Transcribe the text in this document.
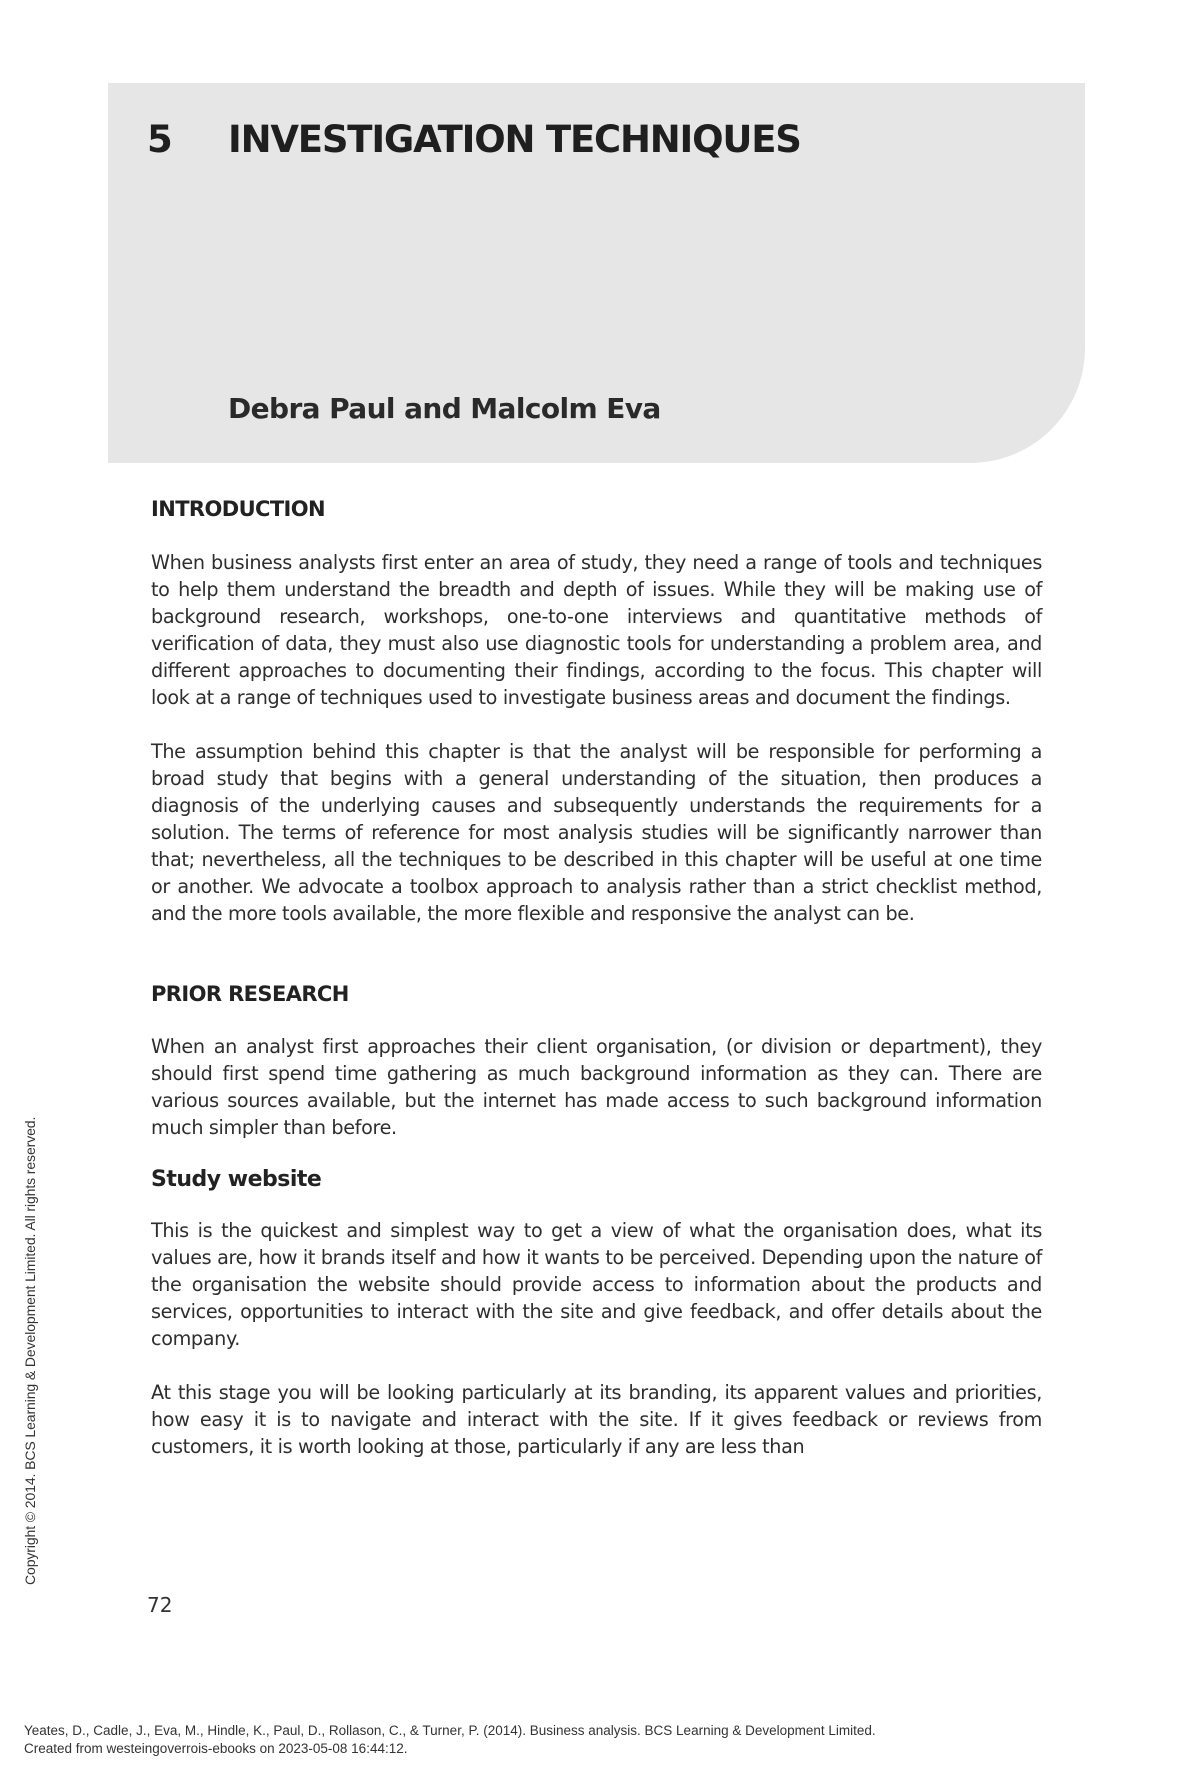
5 INVESTIGATION TECHNIQUES
Debra Paul and Malcolm Eva
INTRODUCTION

When business analysts first enter an area of study, they need a range of tools and techniques to help them understand the breadth and depth of issues. While they will be making use of background research, workshops, one-to-one interviews and quantitative methods of verification of data, they must also use diagnostic tools for understanding a problem area, and different approaches to documenting their findings, according to the focus. This chapter will look at a range of techniques used to investigate business areas and document the findings.

The assumption behind this chapter is that the analyst will be responsible for performing a broad study that begins with a general understanding of the situation, then produces a diagnosis of the underlying causes and subsequently understands the requirements for a solution. The terms of reference for most analysis studies will be significantly narrower than that; nevertheless, all the techniques to be described in this chapter will be useful at one time or another. We advocate a toolbox approach to analysis rather than a strict checklist method, and the more tools available, the more flexible and responsive the analyst can be.

PRIOR RESEARCH

When an analyst first approaches their client organisation, (or division or department), they should first spend time gathering as much background information as they can. There are various sources available, but the internet has made access to such background information much simpler than before.

Study website

This is the quickest and simplest way to get a view of what the organisation does, what its values are, how it brands itself and how it wants to be perceived. Depending upon the nature of the organisation the website should provide access to information about the products and services, opportunities to interact with the site and give feedback, and offer details about the company.

At this stage you will be looking particularly at its branding, its apparent values and priorities, how easy it is to navigate and interact with the site. If it gives feedback or reviews from customers, it is worth looking at those, particularly if any are less than

72
Copyright © 2014. BCS Learning & Development Limited. All rights reserved.
Yeates, D., Cadle, J., Eva, M., Hindle, K., Paul, D., Rollason, C., & Turner, P. (2014). Business analysis. BCS Learning & Development Limited.
Created from westeingoverrois-ebooks on 2023-05-08 16:44:12.
